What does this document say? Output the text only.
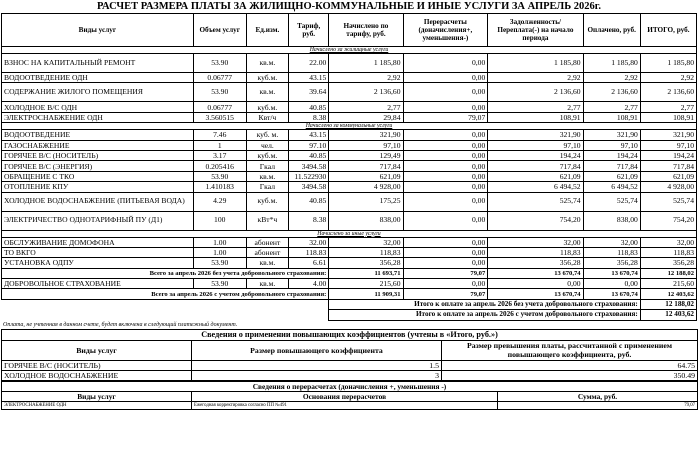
РАСЧЕТ РАЗМЕРА ПЛАТЫ ЗА ЖИЛИЩНО-КОММУНАЛЬНЫЕ И ИНЫЕ УСЛУГИ ЗА АПРЕЛЬ 2026г.
Виды услуг	Объем услуг	Ед.изм.	Тариф, руб.	Начислено по тарифу, руб.	Перерасчеты (доначисления+, уменьшения-)	Задолженность/ Переплата(-) на начало периода	Оплачено, руб.	ИТОГО, руб.
Начислено за жилищные услуги								
ВЗНОС НА КАПИТАЛЬНЫЙ РЕМОНТ	53.90	кв.м.	22.00	1 185,80	0,00	1 185,80	1 185,80	1 185,80
ВОДООТВЕДЕНИЕ ОДН	0.06777	куб.м.	43.15	2,92	0,00	2,92	2,92	2,92
СОДЕРЖАНИЕ ЖИЛОГО ПОМЕЩЕНИЯ	53.90	кв.м.	39.64	2 136,60	0,00	2 136,60	2 136,60	2 136,60
ХОЛОДНОЕ В/С ОДН	0.06777	куб.м.	40.85	2,77	0,00	2,77	2,77	2,77
ЭЛЕКТРОСНАБЖЕНИЕ ОДН	3.560515	Квт/ч	8.38	29,84	79,07	108,91	108,91	108,91
Начислено за коммунальные услуги								
ВОДООТВЕДЕНИЕ	7.46	куб. м.	43.15	321,90	0,00	321,90	321,90	321,90
ГАЗОСНАБЖЕНИЕ	1	чел.	97.10	97,10	0,00	97,10	97,10	97,10
ГОРЯЧЕЕ В/С (НОСИТЕЛЬ)	3.17	куб.м.	40.85	129,49	0,00	194,24	194,24	194,24
ГОРЯЧЕЕ В/С (ЭНЕРГИЯ)	0.205416	Гкал	3494.58	717,84	0,00	717,84	717,84	717,84
ОБРАЩЕНИЕ С ТКО	53.90	кв.м.	11.522930	621,09	0,00	621,09	621,09	621,09
ОТОПЛЕНИЕ КПУ	1.410183	Гкал	3494.58	4 928,00	0,00	6 494,52	6 494,52	4 928,00
ХОЛОДНОЕ ВОДОСНАБЖЕНИЕ (ПИТЬЕВАЯ ВОДА)	4.29	куб.м.	40.85	175,25	0,00	525,74	525,74	525,74
ЭЛЕКТРИЧЕСТВО ОДНОТАРИФНЫЙ ПУ (Д1)	100	кВт*ч	8.38	838,00	0,00	754,20	838,00	754,20
Начислено за иные услуги								
ОБСЛУЖИВАНИЕ ДОМОФОНА	1.00	абонент	32.00	32,00	0,00	32,00	32,00	32,00
ТО ВКГО	1.00	абонент	118.83	118,83	0,00	118,83	118,83	118,83
УСТАНОВКА ОДПУ	53.90	кв.м.	6.61	356,28	0,00	356,28	356,28	356,28
Всего за апрель 2026 без учета добровольного страхования:				11 693,71	79,07	13 670,74	13 670,74	12 188,02
ДОБРОВОЛЬНОЕ СТРАХОВАНИЕ	53.90	кв.м.	4.00	215,60	0,00	0,00	0,00	215,60
Всего за апрель 2026 с учетом добровольного страхования:				11 909,31	79,07	13 670,74	13 670,74	12 403,62
				Итого к оплате за апрель 2026 без учета добровольного страхования:				12 188,02
				Итого к оплате за апрель 2026 с учетом добровольного страхования:				12 403,62
Оплата, не учтенная в данном счете, будет включена в следующий платежный документ.
Сведения о применении повышающих коэффициентов (учтены в «Итого, руб.»)		
Виды услуг	Размер повышающего коэффициента	Размер превышения платы, рассчитанной с применением повышающего коэффициента, руб.
ГОРЯЧЕЕ В/С (НОСИТЕЛЬ)	1.5	64.75
ХОЛОДНОЕ ВОДОСНАБЖЕНИЕ	3	350.49
Сведения о перерасчетах (доначисления +, уменьшения -)		
Виды услуг	Основания перерасчетов	Сумма, руб.
ЭЛЕКТРОСНАБЖЕНИЕ ОДН	Ежегодная корректировка согласно ПП №491	79,07
